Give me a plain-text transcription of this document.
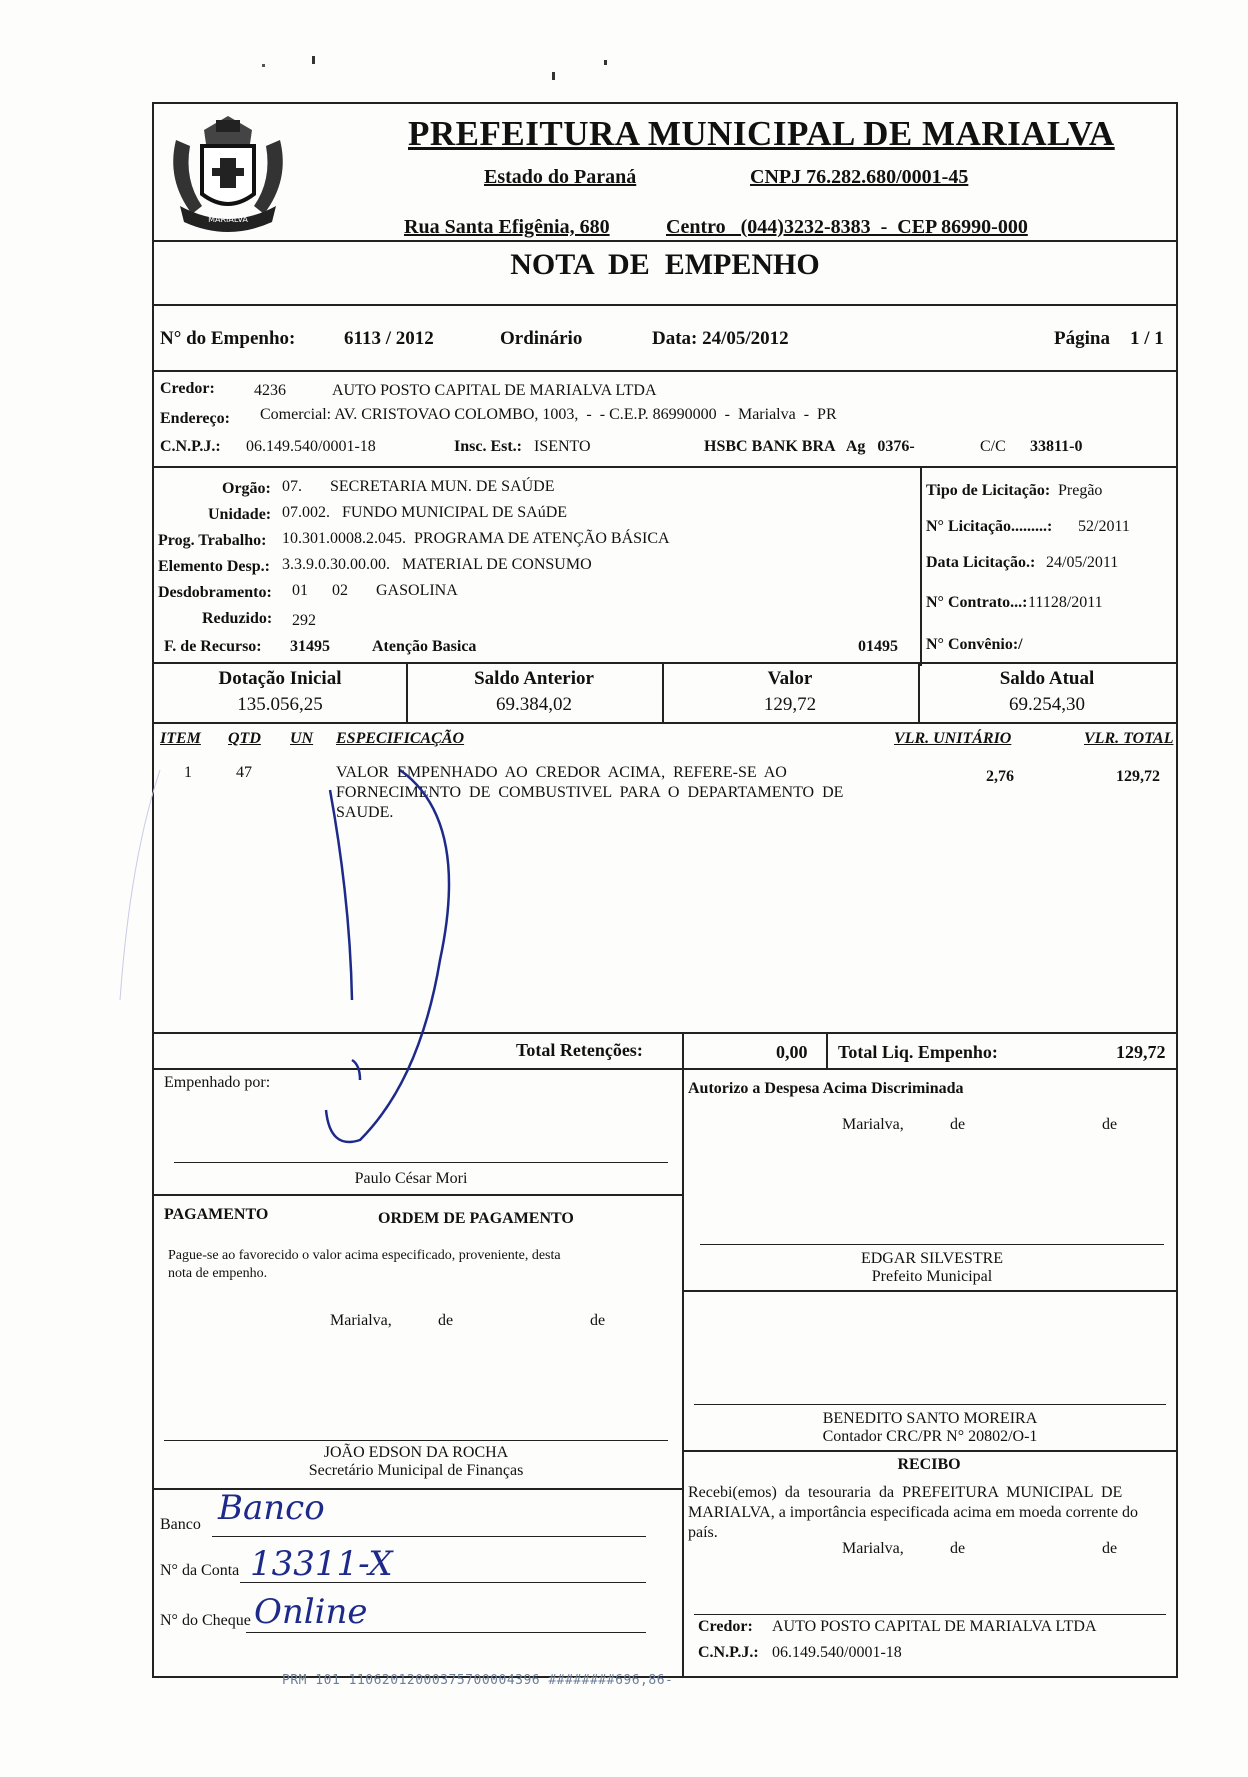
MARIALVA
PREFEITURA MUNICIPAL DE MARIALVA
Estado do Paraná	CNPJ 76.282.680/0001-45
Rua Santa Efigênia, 680	Centro   (044)3232-8383  -  CEP 86990-000
NOTA  DE  EMPENHO
N° do Empenho:	6113 / 2012	Ordinário	Data: 24/05/2012	Página 1 / 1
Credor: 4236	AUTO POSTO CAPITAL DE MARIALVA LTDA
Endereço: Comercial: AV. CRISTOVAO COLOMBO, 1003,  -  - C.E.P. 86990000  -  Marialva  -  PR
C.N.P.J.: 06.149.540/0001-18	Insc. Est.: ISENTO	HSBC BANK BRA   Ag   0376-	C/C 33811-0
Orgão: 07.       SECRETARIA MUN. DE SAÚDE
Unidade: 07.002.   FUNDO MUNICIPAL DE SAúDE
Prog. Trabalho: 10.301.0008.2.045.  PROGRAMA DE ATENÇÃO BÁSICA
Elemento Desp.: 3.3.9.0.30.00.00.   MATERIAL DE CONSUMO
Desdobramento: 01      02       GASOLINA
Reduzido: 292
F. de Recurso: 31495	Atenção Basica	01495
Tipo de Licitação: Pregão
N° Licitação.........: 52/2011
Data Licitação.: 24/05/2011
N° Contrato...: 11128/2011
N° Convênio:/
Dotação Inicial
135.056,25
Saldo Anterior
69.384,02
Valor
129,72
Saldo Atual
69.254,30
ITEM QTD UN ESPECIFICAÇÃO	VLR. UNITÁRIO	VLR. TOTAL
1	47	VALOR  EMPENHADO  AO  CREDOR  ACIMA,  REFERE-SE  AO
FORNECIMENTO  DE  COMBUSTIVEL  PARA  O  DEPARTAMENTO  DE
SAUDE.
2,76	129,72
Total Retenções:	0,00 Total Liq. Empenho:	129,72
Empenhado por:
Paulo César Mori
Autorizo a Despesa Acima Discriminada
Marialva,	de	de
PAGAMENTO	ORDEM DE PAGAMENTO
Pague-se ao favorecido o valor acima especificado, proveniente, desta
nota de empenho.
Marialva,	de	de
JOÃO EDSON DA ROCHA
Secretário Municipal de Finanças
Banco Banco
N° da Conta 13311-X
N° do Cheque Online
EDGAR SILVESTRE
Prefeito Municipal
BENEDITO SANTO MOREIRA
Contador CRC/PR N° 20802/O-1
RECIBO
Recebi(emos)  da  tesouraria  da  PREFEITURA  MUNICIPAL  DE
MARIALVA, a importância especificada acima em moeda corrente do
país.
Marialva,	de	de
Credor: AUTO POSTO CAPITAL DE MARIALVA LTDA
C.N.P.J.: 06.149.540/0001-18
PRM 101 11062012000375700004396 ########696,86-
